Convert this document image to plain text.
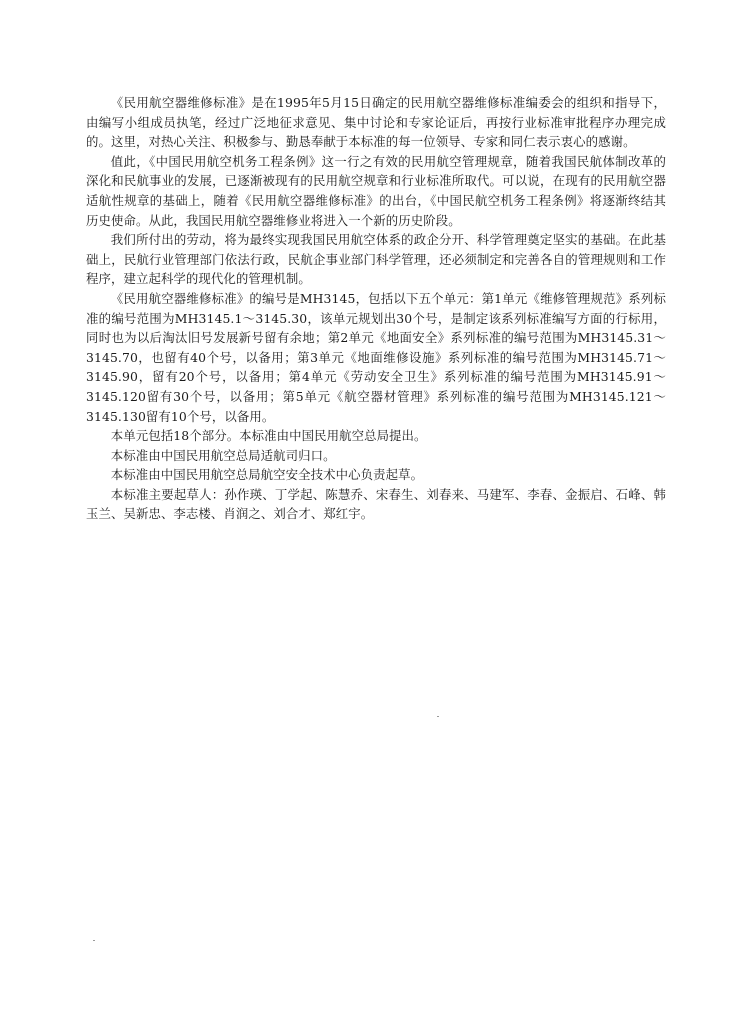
《民用航空器维修标准》是在1995年5月15日确定的民用航空器维修标准编委会的组织和指导下，由编写小组成员执笔，经过广泛地征求意见、集中讨论和专家论证后，再按行业标准审批程序办理完成的。这里，对热心关注、积极参与、勤恳奉献于本标准的每一位领导、专家和同仁表示衷心的感谢。

值此，《中国民用航空机务工程条例》这一行之有效的民用航空管理规章，随着我国民航体制改革的深化和民航事业的发展，已逐渐被现有的民用航空规章和行业标准所取代。可以说，在现有的民用航空器适航性规章的基础上，随着《民用航空器维修标准》的出台，《中国民航空机务工程条例》将逐渐终结其历史使命。从此，我国民用航空器维修业将进入一个新的历史阶段。

我们所付出的劳动，将为最终实现我国民用航空体系的政企分开、科学管理奠定坚实的基础。在此基础上，民航行业管理部门依法行政，民航企事业部门科学管理，还必须制定和完善各自的管理规则和工作程序，建立起科学的现代化的管理机制。

《民用航空器维修标准》的编号是MH3145，包括以下五个单元：第1单元《维修管理规范》系列标准的编号范围为MH3145.1～3145.30，该单元规划出30个号，是制定该系列标准编写方面的行标用，同时也为以后淘汰旧号发展新号留有余地；第2单元《地面安全》系列标准的编号范围为MH3145.31～3145.70，也留有40个号，以备用；第3单元《地面维修设施》系列标准的编号范围为MH3145.71～3145.90，留有20个号，以备用；第4单元《劳动安全卫生》系列标准的编号范围为MH3145.91～3145.120留有30个号，以备用；第5单元《航空器材管理》系列标准的编号范围为MH3145.121～3145.130留有10个号，以备用。

本单元包括18个部分。本标准由中国民用航空总局提出。

本标准由中国民用航空总局适航司归口。

本标准由中国民用航空总局航空安全技术中心负责起草。

本标准主要起草人：孙作瑛、丁学起、陈慧乔、宋春生、刘春来、马建军、李春、金振启、石峰、韩玉兰、吴新忠、李志楼、肖润之、刘合才、郑红宇。
